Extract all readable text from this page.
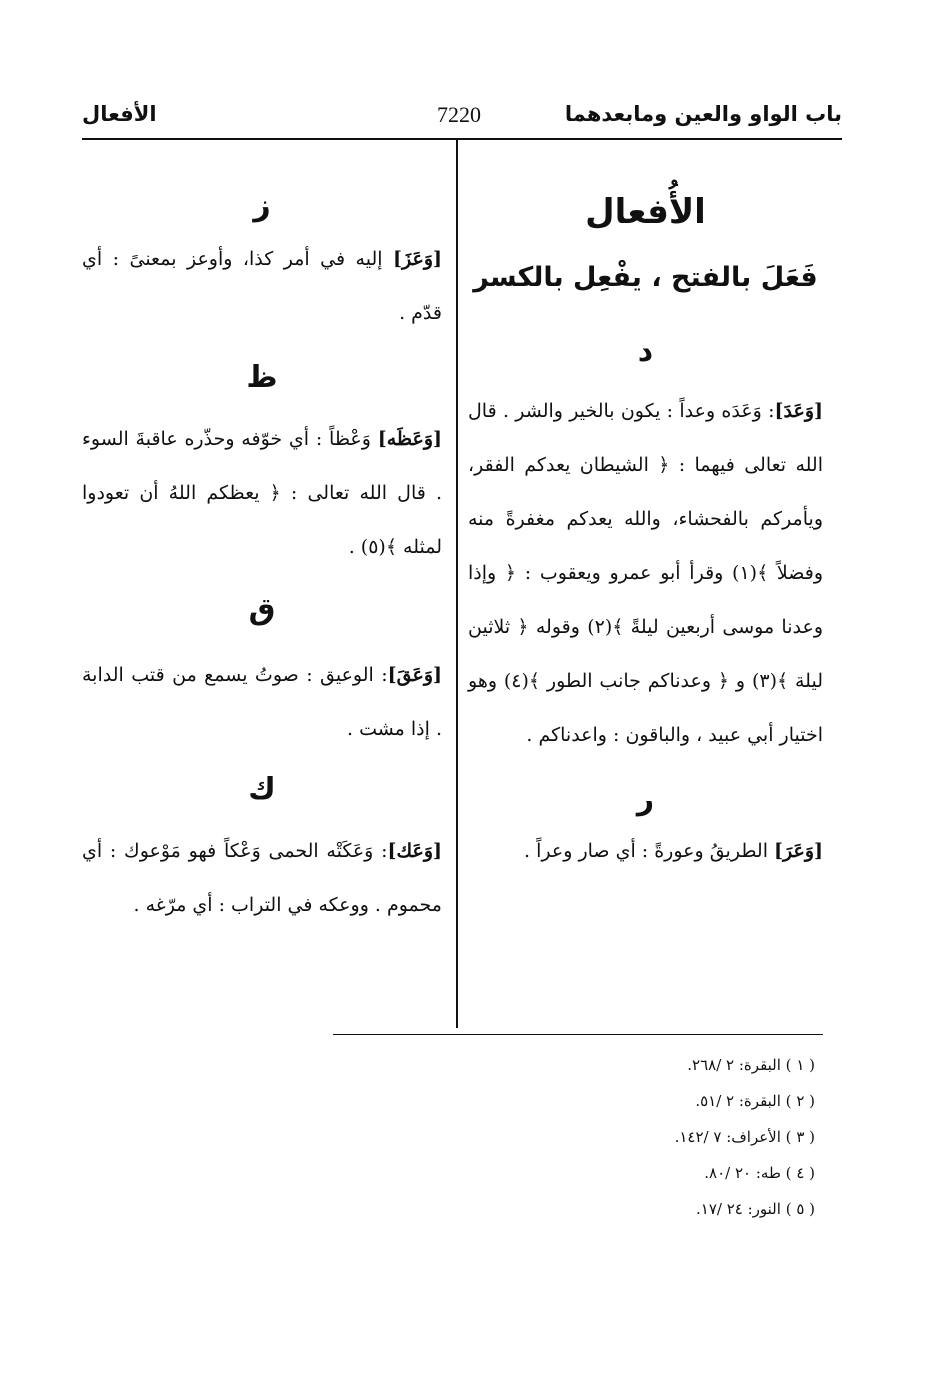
باب الواو والعين ومابعدهما
7220
الأفعال
الأُفعال
فَعَلَ بالفتح ، يفْعِل بالكسر
د

[وَعَدَ]: وَعَدَه وعداً : يكون بالخير والشر . قال الله تعالى فيهما : ﴿ الشيطان يعدكم الفقر، ويأمركم بالفحشاء، والله يعدكم مغفرةً منه وفضلاً ﴾(١) وقرأ أبو عمرو ويعقوب : ﴿ وإذا وعدنا موسى أربعين ليلةً ﴾(٢) وقوله ﴿ ثلاثين ليلة ﴾(٣) و ﴿ وعدناكم جانب الطور ﴾(٤) وهو اختيار أبي عبيد ، والباقون : واعدناكم .

ر

[وَعَرَ] الطريقُ وعورةً : أي صار وعراً .

ز

[وَعَزَ] إليه في أمر كذا، وأوعز بمعنىً : أي قدّم .

ظ

[وَعَظَه] وَعْظاً : أي خوّفه وحذّره عاقبةَ السوء . قال الله تعالى : ﴿ يعظكم اللهُ أن تعودوا لمثله ﴾(٥) .

ق

[وَعَقَ]: الوعيق : صوتُ يسمع من قتب الدابة . إذا مشت .

ك

[وَعَك]: وَعَكَتْه الحمى وَعْكاً فهو مَوْعوك : أي محموم . ووعكه في التراب : أي مرّغه .

( ١ ) البقرة: ٢ /٢٦٨.
( ٢ ) البقرة: ٢ /٥١.
( ٣ ) الأعراف: ٧ /١٤٢.
( ٤ ) طه: ٢٠ /٨٠.
( ٥ ) النور: ٢٤ /١٧.
